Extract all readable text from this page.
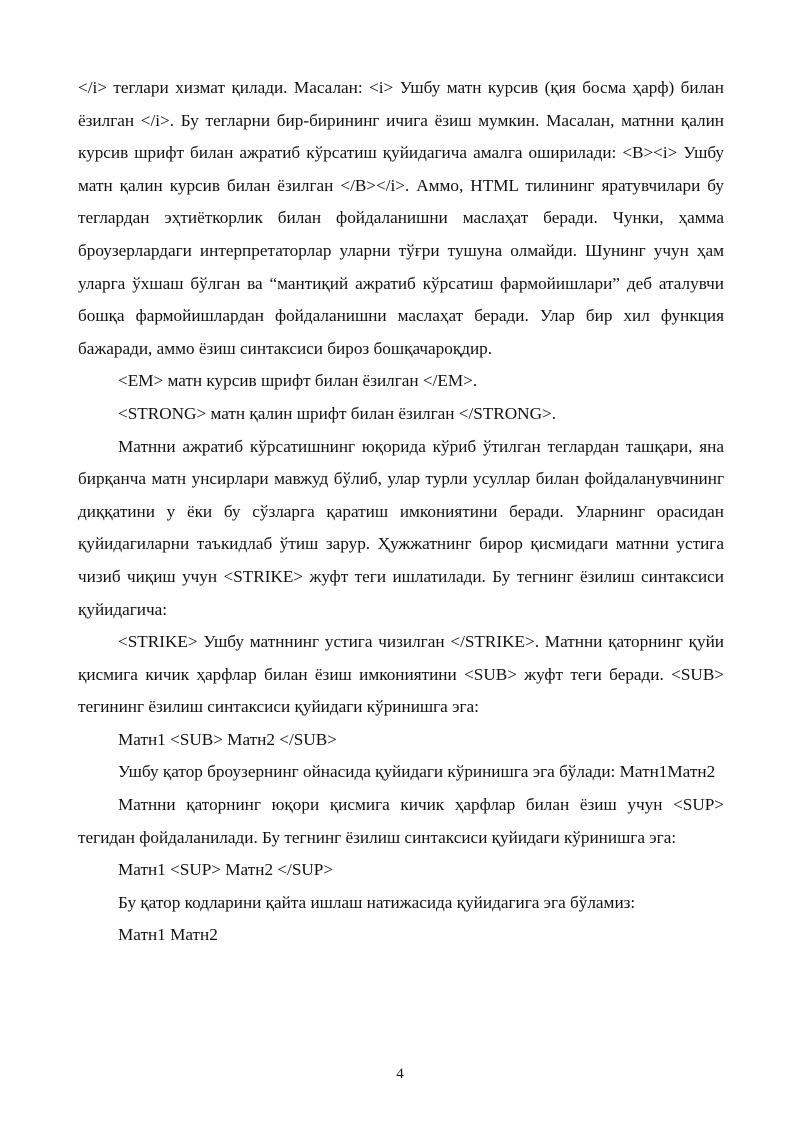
</i> теглари хизмат қилади. Масалан: <i> Ушбу матн курсив (қия босма ҳарф) билан ёзилган </i>. Бу тегларни бир-бирининг ичига ёзиш мумкин. Масалан, матнни қалин курсив шрифт билан ажратиб кўрсатиш қуйидагича амалга оширилади: <B><i> Ушбу матн қалин курсив билан ёзилган </B></i>. Аммо, HTML тилининг яратувчилари бу теглардан эҳтиёткорлик билан фойдаланишни маслаҳат беради. Чунки, ҳамма броузерлардаги интерпретаторлар уларни тўғри тушуна олмайди. Шунинг учун ҳам уларга ўхшаш бўлган ва “мантиқий ажратиб кўрсатиш фармойишлари” деб аталувчи бошқа фармойишлардан фойдаланишни маслаҳат беради. Улар бир хил функция бажаради, аммо ёзиш синтаксиси бироз бошқачароқдир.

<EM> матн курсив шрифт билан ёзилган </EM>.

<STRONG> матн қалин шрифт билан ёзилган </STRONG>.

Матнни ажратиб кўрсатишнинг юқорида кўриб ўтилган теглардан ташқари, яна бирқанча матн унсирлари мавжуд бўлиб, улар турли усуллар билан фойдаланувчининг диққатини у ёки бу сўзларга қаратиш имкониятини беради. Уларнинг орасидан қуйидагиларни таъкидлаб ўтиш зарур. Ҳужжатнинг бирор қисмидаги матнни устига чизиб чиқиш учун <STRIKE> жуфт теги ишлатилади. Бу тегнинг ёзилиш синтаксиси қуйидагича:

<STRIKE> Ушбу матннинг устига чизилган </STRIKE>. Матнни қаторнинг қуйи қисмига кичик ҳарфлар билан ёзиш имкониятини <SUB> жуфт теги беради. <SUB> тегининг ёзилиш синтаксиси қуйидаги кўринишга эга:

Матн1 <SUB> Матн2 </SUB>

Ушбу қатор броузернинг ойнасида қуйидаги кўринишга эга бўлади: Матн1Матн2

Матнни қаторнинг юқори қисмига кичик ҳарфлар билан ёзиш учун <SUP> тегидан фойдаланилади. Бу тегнинг ёзилиш синтаксиси қуйидаги кўринишга эга:

Матн1 <SUP> Матн2 </SUP>

Бу қатор кодларини қайта ишлаш натижасида қуйидагига эга бўламиз:

Матн1 Матн2

4
